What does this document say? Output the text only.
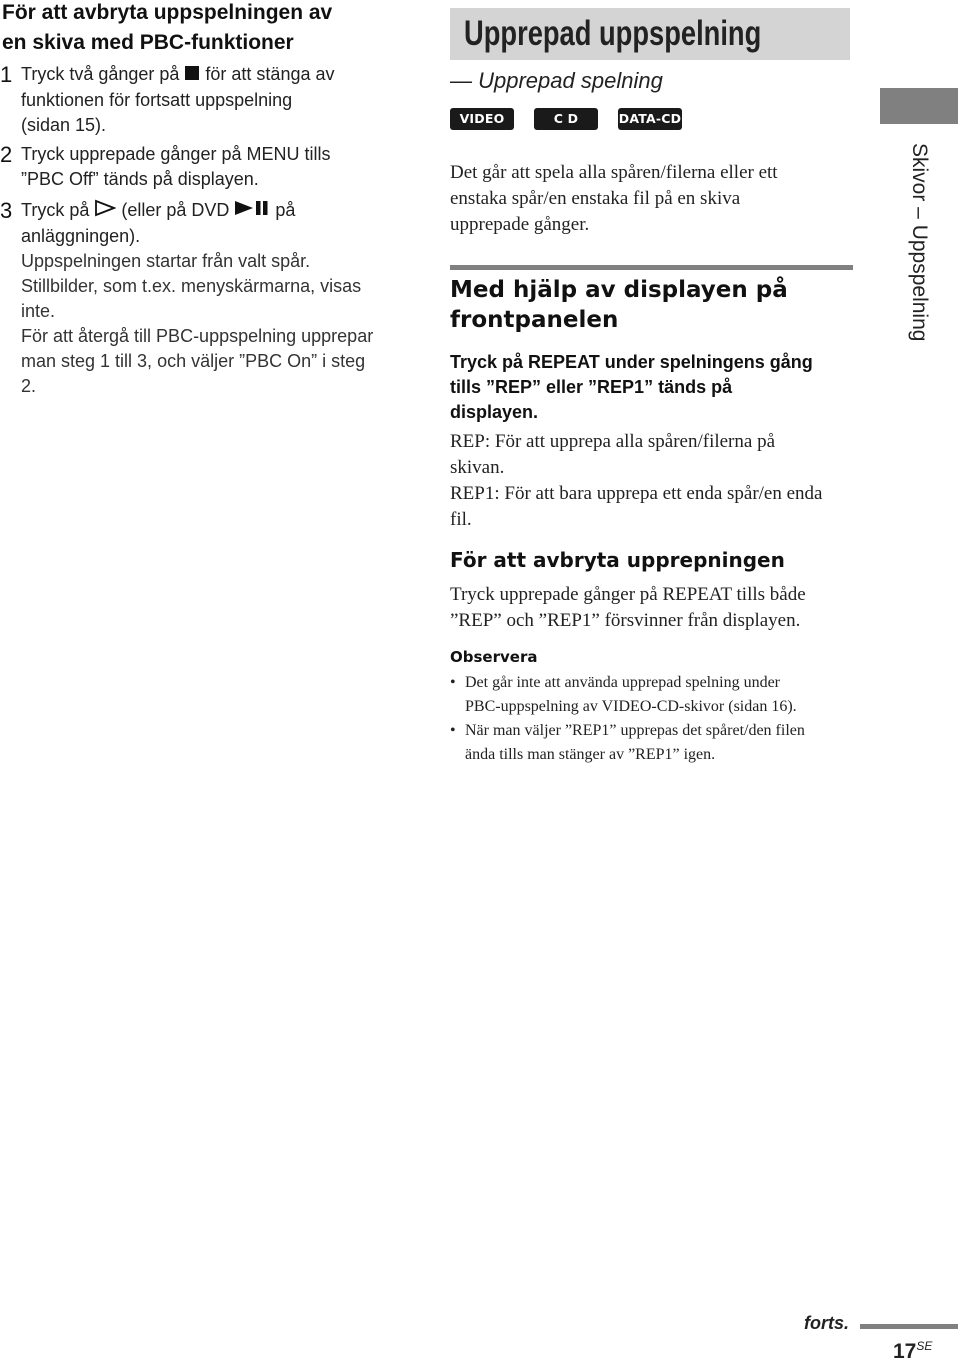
För att avbryta uppspelningen av
en skiva med PBC-funktioner
1 Tryck två gånger på  för att stänga av
funktionen för fortsatt uppspelning
(sidan 15).
2 Tryck upprepade gånger på MENU tills
”PBC Off” tänds på displayen.
3 Tryck på  (eller på DVD  på
anläggningen).
Uppspelningen startar från valt spår.
Stillbilder, som t.ex. menyskärmarna, visas
inte.
För att återgå till PBC-uppspelning upprepar
man steg 1 till 3, och väljer ”PBC On” i steg
2.
Upprepad uppspelning
— Upprepad spelning
VIDEO CD
C D	DATA-CD
Det går att spela alla spåren/filerna eller ett
enstaka spår/en enstaka fil på en skiva
upprepade gånger.
Med hjälp av displayen på
frontpanelen
Tryck på REPEAT under spelningens gång
tills ”REP” eller ”REP1” tänds på
displayen.
REP: För att upprepa alla spåren/filerna på
skivan.
REP1: För att bara upprepa ett enda spår/en enda
fil.
För att avbryta upprepningen
Tryck upprepade gånger på REPEAT tills både
”REP” och ”REP1” försvinner från displayen.
Observera
• Det går inte att använda upprepad spelning under
PBC-uppspelning av VIDEO-CD-skivor (sidan 16).
• När man väljer ”REP1” upprepas det spåret/den filen
ända tills man stänger av ”REP1” igen.
Skivor – Uppspelning
forts.
$17^{SE}$
